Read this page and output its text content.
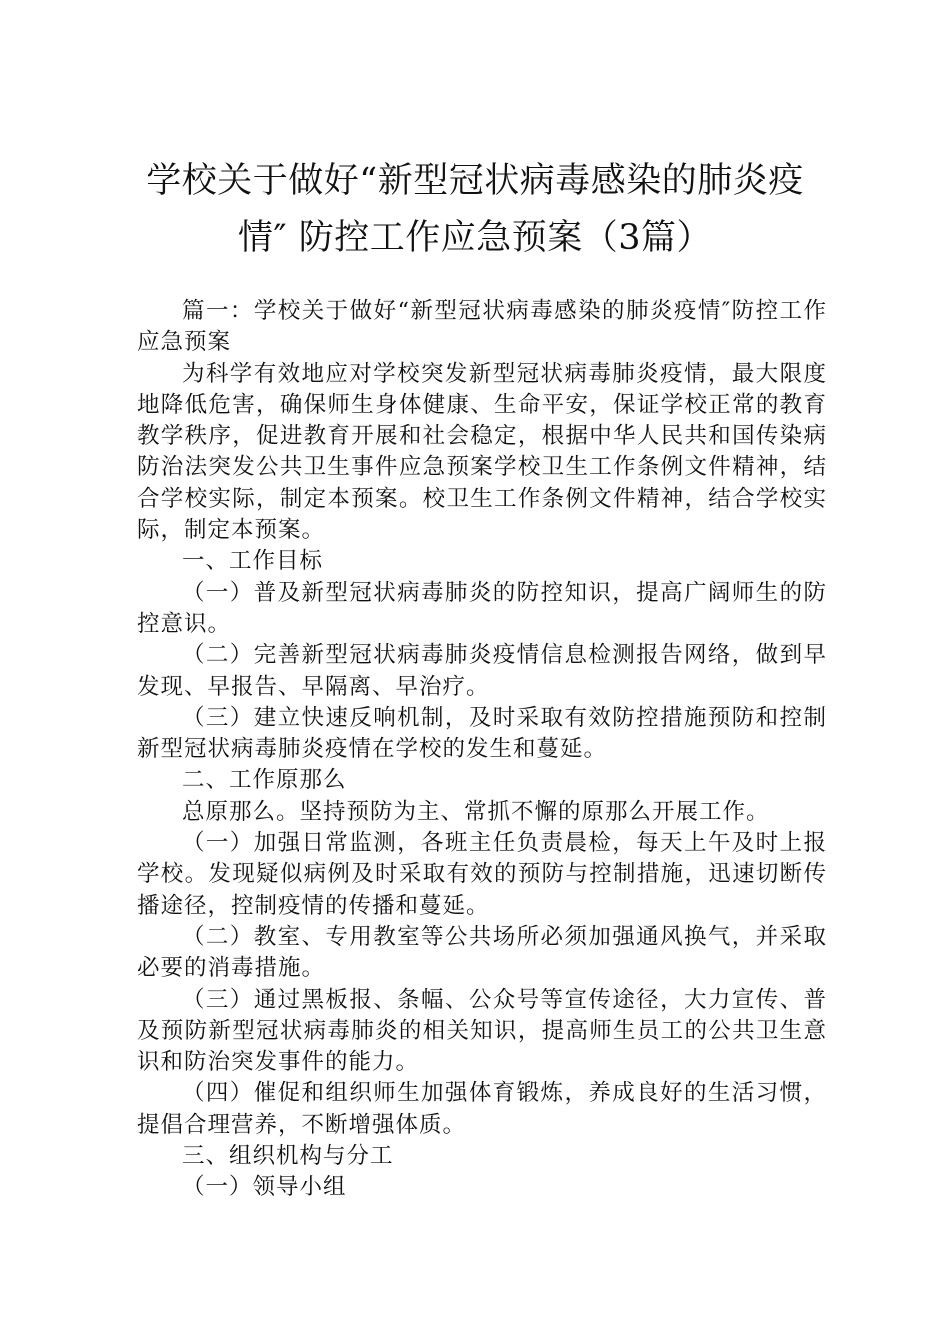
学校关于做好“新型冠状病毒感染的肺炎疫
情″ 防控工作应急预案（3篇）

篇一：学校关于做好“新型冠状病毒感染的肺炎疫情″防控工作应急预案

为科学有效地应对学校突发新型冠状病毒肺炎疫情，最大限度地降低危害，确保师生身体健康、生命平安，保证学校正常的教育教学秩序，促进教育开展和社会稳定，根据中华人民共和国传染病防治法突发公共卫生事件应急预案学校卫生工作条例文件精神，结合学校实际，制定本预案。校卫生工作条例文件精神，结合学校实际，制定本预案。

一、工作目标

（一）普及新型冠状病毒肺炎的防控知识，提高广阔师生的防控意识。

（二）完善新型冠状病毒肺炎疫情信息检测报告网络，做到早发现、早报告、早隔离、早治疗。

（三）建立快速反响机制，及时采取有效防控措施预防和控制新型冠状病毒肺炎疫情在学校的发生和蔓延。

二、工作原那么

总原那么。坚持预防为主、常抓不懈的原那么开展工作。

（一）加强日常监测，各班主任负责晨检，每天上午及时上报学校。发现疑似病例及时采取有效的预防与控制措施，迅速切断传播途径，控制疫情的传播和蔓延。

（二）教室、专用教室等公共场所必须加强通风换气，并采取必要的消毒措施。

（三）通过黑板报、条幅、公众号等宣传途径，大力宣传、普及预防新型冠状病毒肺炎的相关知识，提高师生员工的公共卫生意识和防治突发事件的能力。

（四）催促和组织师生加强体育锻炼，养成良好的生活习惯，提倡合理营养，不断增强体质。

三、组织机构与分工

（一）领导小组
